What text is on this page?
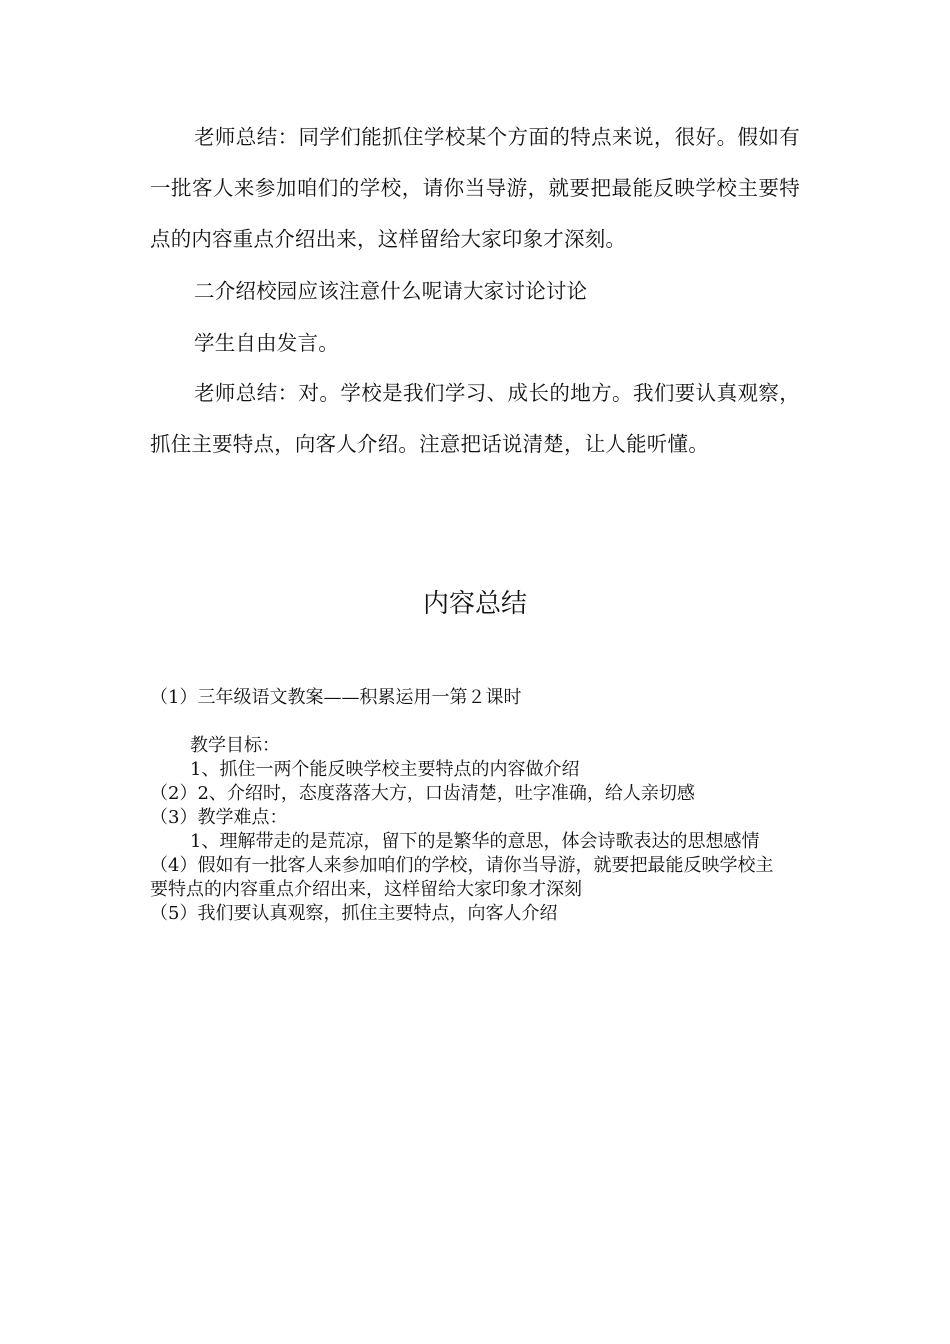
老师总结：同学们能抓住学校某个方面的特点来说，很好。假如有一批客人来参加咱们的学校，请你当导游，就要把最能反映学校主要特点的内容重点介绍出来，这样留给大家印象才深刻。

二介绍校园应该注意什么呢请大家讨论讨论

学生自由发言。

老师总结：对。学校是我们学习、成长的地方。我们要认真观察，抓住主要特点，向客人介绍。注意把话说清楚，让人能听懂。

内容总结

（1）三年级语文教案——积累运用一第２课时

教学目标：
1、抓住一两个能反映学校主要特点的内容做介绍
（2）2、介绍时，态度落落大方，口齿清楚，吐字准确，给人亲切感
（3）教学难点：
1、理解带走的是荒凉，留下的是繁华的意思，体会诗歌表达的思想感情
（4）假如有一批客人来参加咱们的学校，请你当导游，就要把最能反映学校主要特点的内容重点介绍出来，这样留给大家印象才深刻
（5）我们要认真观察，抓住主要特点，向客人介绍
